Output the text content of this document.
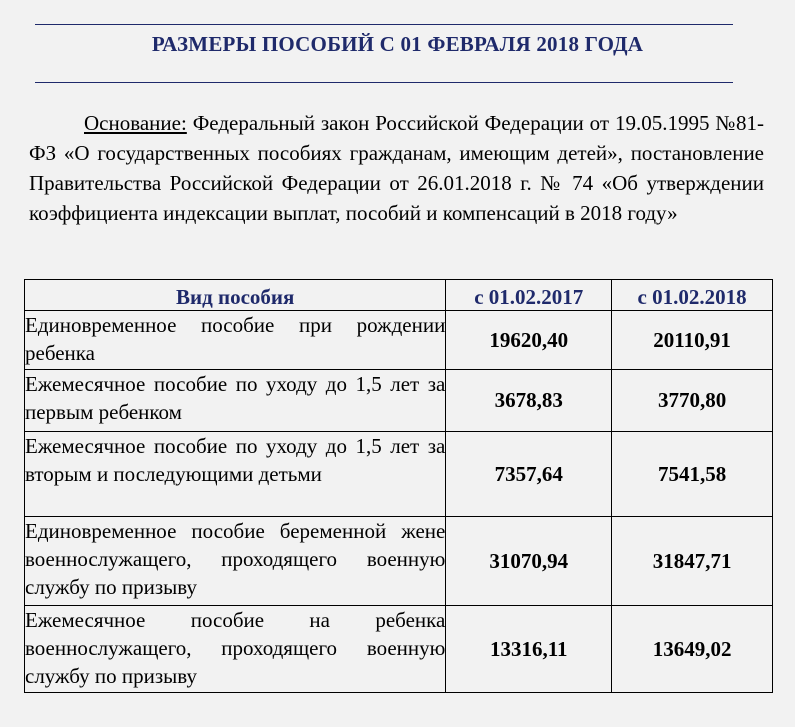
РАЗМЕРЫ ПОСОБИЙ С 01 ФЕВРАЛЯ 2018 ГОДА

Основание: Федеральный закон Российской Федерации от 19.05.1995 №81-ФЗ «О государственных пособиях гражданам, имеющим детей», постановление Правительства Российской Федерации от 26.01.2018 г. № 74 «Об утверждении коэффициента индексации выплат, пособий и компенсаций в 2018 году»

Вид пособия	с 01.02.2017	с 01.02.2018
Единовременное пособие при рождении ребенка	19620,40	20110,91
Ежемесячное пособие по уходу до 1,5 лет за первым ребенком	3678,83	3770,80
Ежемесячное пособие по уходу до 1,5 лет за вторым и последующими детьми	7357,64	7541,58
Единовременное пособие беременной жене военнослужащего, проходящего военную службу по призыву	31070,94	31847,71
Ежемесячное пособие на ребенка военнослужащего, проходящего военную службу по призыву	13316,11	13649,02
